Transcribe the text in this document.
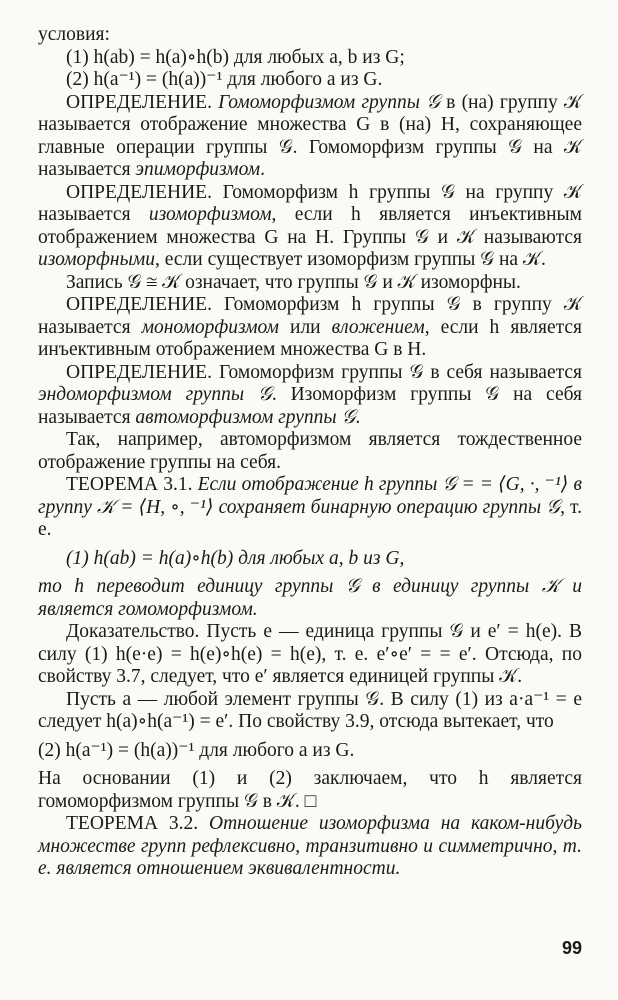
условия:

(1) h(ab) = h(a)∘h(b) для любых a, b из G;

(2) h(a⁻¹) = (h(a))⁻¹ для любого a из G.

ОПРЕДЕЛЕНИЕ. Гомоморфизмом группы 𝒢 в (на) группу 𝒦 называется отображение множества G в (на) H, сохраняющее главные операции группы 𝒢. Гомоморфизм группы 𝒢 на 𝒦 называется эпиморфизмом.

ОПРЕДЕЛЕНИЕ. Гомоморфизм h группы 𝒢 на группу 𝒦 называется изоморфизмом, если h является инъективным отображением множества G на H. Группы 𝒢 и 𝒦 называются изоморфными, если существует изоморфизм группы 𝒢 на 𝒦.

Запись 𝒢 ≅ 𝒦 означает, что группы 𝒢 и 𝒦 изоморфны.

ОПРЕДЕЛЕНИЕ. Гомоморфизм h группы 𝒢 в группу 𝒦 называется мономорфизмом или вложением, если h является инъективным отображением множества G в H.

ОПРЕДЕЛЕНИЕ. Гомоморфизм группы 𝒢 в себя называется эндоморфизмом группы 𝒢. Изоморфизм группы 𝒢 на себя называется автоморфизмом группы 𝒢.

Так, например, автоморфизмом является тождественное отображение группы на себя.

ТЕОРЕМА 3.1. Если отображение h группы 𝒢 = = ⟨G, ·, ⁻¹⟩ в группу 𝒦 = ⟨H, ∘, ⁻¹⟩ сохраняет бинарную операцию группы 𝒢, т. е.

(1) h(ab) = h(a)∘h(b) для любых a, b из G,

то h переводит единицу группы 𝒢 в единицу группы 𝒦 и является гомоморфизмом.

Доказательство. Пусть e — единица группы 𝒢 и e′ = h(e). В силу (1) h(e·e) = h(e)∘h(e) = h(e), т. е. e′∘e′ = = e′. Отсюда, по свойству 3.7, следует, что e′ является единицей группы 𝒦.

Пусть a — любой элемент группы 𝒢. В силу (1) из a·a⁻¹ = e следует h(a)∘h(a⁻¹) = e′. По свойству 3.9, отсюда вытекает, что

(2) h(a⁻¹) = (h(a))⁻¹ для любого a из G.

На основании (1) и (2) заключаем, что h является гомоморфизмом группы 𝒢 в 𝒦. □

ТЕОРЕМА 3.2. Отношение изоморфизма на каком-нибудь множестве групп рефлексивно, транзитивно и симметрично, т. е. является отношением эквивалентности.

99
